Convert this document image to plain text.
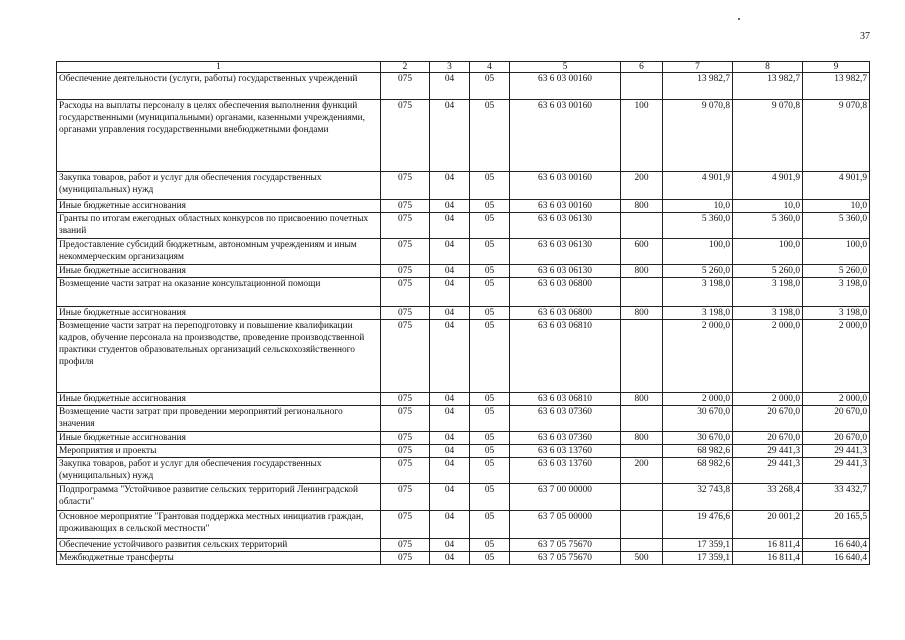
37
1	2	3	4	5	6	7	8	9
Обеспечение деятельности (услуги, работы) государственных учреждений	075	04	05	63 6 03 00160		13 982,7	13 982,7	13 982,7
Расходы на выплаты персоналу в целях обеспечения выполнения функций государственными (муниципальными) органами, казенными учреждениями, органами управления государственными внебюджетными фондами	075	04	05	63 6 03 00160	100	9 070,8	9 070,8	9 070,8
Закупка товаров, работ и услуг для обеспечения государственных (муниципальных) нужд	075	04	05	63 6 03 00160	200	4 901,9	4 901,9	4 901,9
Иные бюджетные ассигнования	075	04	05	63 6 03 00160	800	10,0	10,0	10,0
Гранты по итогам ежегодных областных конкурсов по присвоению почетных званий	075	04	05	63 6 03 06130		5 360,0	5 360,0	5 360,0
Предоставление субсидий бюджетным, автономным учреждениям и иным некоммерческим организациям	075	04	05	63 6 03 06130	600	100,0	100,0	100,0
Иные бюджетные ассигнования	075	04	05	63 6 03 06130	800	5 260,0	5 260,0	5 260,0
Возмещение части затрат на оказание консультационной помощи	075	04	05	63 6 03 06800		3 198,0	3 198,0	3 198,0
Иные бюджетные ассигнования	075	04	05	63 6 03 06800	800	3 198,0	3 198,0	3 198,0
Возмещение части затрат на переподготовку и повышение квалификации кадров, обучение персонала на производстве, проведение производственной практики студентов образовательных организаций сельскохозяйственного профиля	075	04	05	63 6 03 06810		2 000,0	2 000,0	2 000,0
Иные бюджетные ассигнования	075	04	05	63 6 03 06810	800	2 000,0	2 000,0	2 000,0
Возмещение части затрат при проведении мероприятий регионального значения	075	04	05	63 6 03 07360		30 670,0	20 670,0	20 670,0
Иные бюджетные ассигнования	075	04	05	63 6 03 07360	800	30 670,0	20 670,0	20 670,0
Мероприятия и проекты	075	04	05	63 6 03 13760		68 982,6	29 441,3	29 441,3
Закупка товаров, работ и услуг для обеспечения государственных (муниципальных) нужд	075	04	05	63 6 03 13760	200	68 982,6	29 441,3	29 441,3
Подпрограмма "Устойчивое развитие сельских территорий Ленинградской области"	075	04	05	63 7 00 00000		32 743,8	33 268,4	33 432,7
Основное мероприятие "Грантовая поддержка местных инициатив граждан, проживающих в сельской местности"	075	04	05	63 7 05 00000		19 476,6	20 001,2	20 165,5
Обеспечение устойчивого развития сельских территорий	075	04	05	63 7 05 75670		17 359,1	16 811,4	16 640,4
Межбюджетные трансферты	075	04	05	63 7 05 75670	500	17 359,1	16 811,4	16 640,4
